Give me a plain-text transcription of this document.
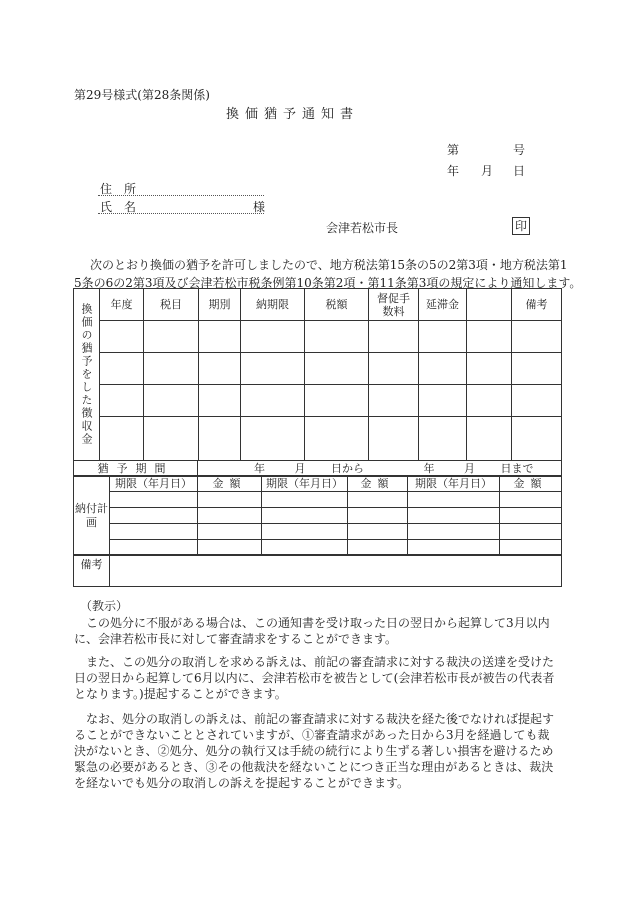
第29号様式(第28条関係)
換価猶予通知書
第	号
年 月 日
住所
氏名	様
会津若松市長	印
次のとおり換価の猶予を許可しましたので、地方税法第15条の5の2第3項・地方税法第1
5条の6の2第3項及び会津若松市税条例第10条第2項・第11条第3項の規定により通知します。
換価の猶予をした徴収金	年度	税目	期別	納期限	税額	督促手数料	延滞金		備考

猶予期間	年	月 日から	年	月 日まで
納付計画	期限（年月日）	金額	期限（年月日）	金額	期限（年月日）	金額

備考	
（教示）
この処分に不服がある場合は、この通知書を受け取った日の翌日から起算して3月以内に、会津若松市長に対して審査請求をすることができます。
また、この処分の取消しを求める訴えは、前記の審査請求に対する裁決の送達を受けた日の翌日から起算して6月以内に、会津若松市を被告として(会津若松市長が被告の代表者となります。)提起することができます。
なお、処分の取消しの訴えは、前記の審査請求に対する裁決を経た後でなければ提起することができないこととされていますが、①審査請求があった日から3月を経過しても裁決がないとき、②処分、処分の執行又は手続の続行により生ずる著しい損害を避けるため緊急の必要があるとき、③その他裁決を経ないことにつき正当な理由があるときは、裁決を経ないでも処分の取消しの訴えを提起することができます。
